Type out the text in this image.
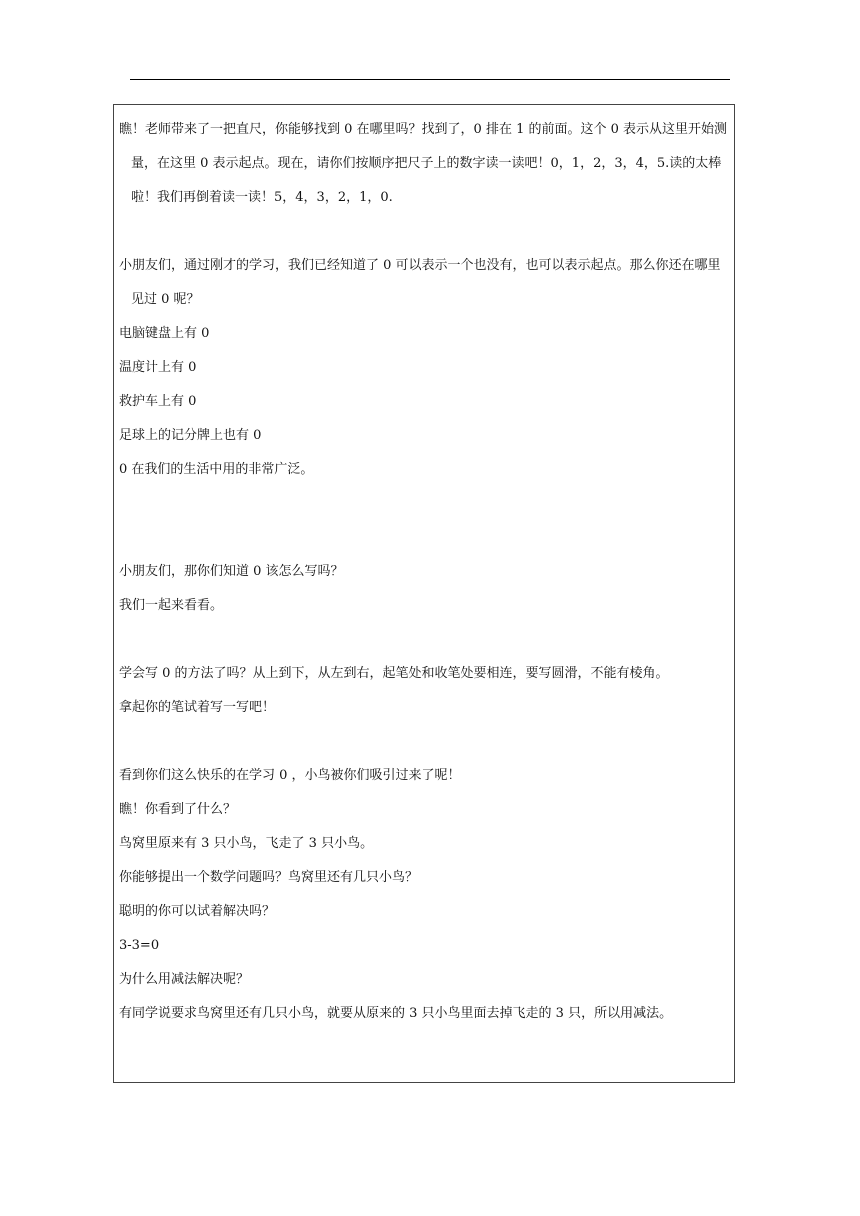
瞧！老师带来了一把直尺，你能够找到 0 在哪里吗？找到了，0 排在 1 的前面。这个 0 表示从这里开始测量，在这里 0 表示起点。现在，请你们按顺序把尺子上的数字读一读吧！0，1，2，3，4，5.读的太棒啦！我们再倒着读一读！5，4，3，2，1，0.

小朋友们，通过刚才的学习，我们已经知道了 0 可以表示一个也没有，也可以表示起点。那么你还在哪里见过 0 呢？

电脑键盘上有 0

温度计上有 0

救护车上有 0

足球上的记分牌上也有 0

0 在我们的生活中用的非常广泛。

小朋友们，那你们知道 0 该怎么写吗？

我们一起来看看。

学会写 0 的方法了吗？从上到下，从左到右，起笔处和收笔处要相连，要写圆滑，不能有棱角。

拿起你的笔试着写一写吧！

看到你们这么快乐的在学习 0 ，小鸟被你们吸引过来了呢！

瞧！你看到了什么？

鸟窝里原来有 3 只小鸟，飞走了 3 只小鸟。

你能够提出一个数学问题吗？鸟窝里还有几只小鸟？

聪明的你可以试着解决吗？

3-3=0

为什么用减法解决呢？

有同学说要求鸟窝里还有几只小鸟，就要从原来的 3 只小鸟里面去掉飞走的 3 只，所以用减法。
